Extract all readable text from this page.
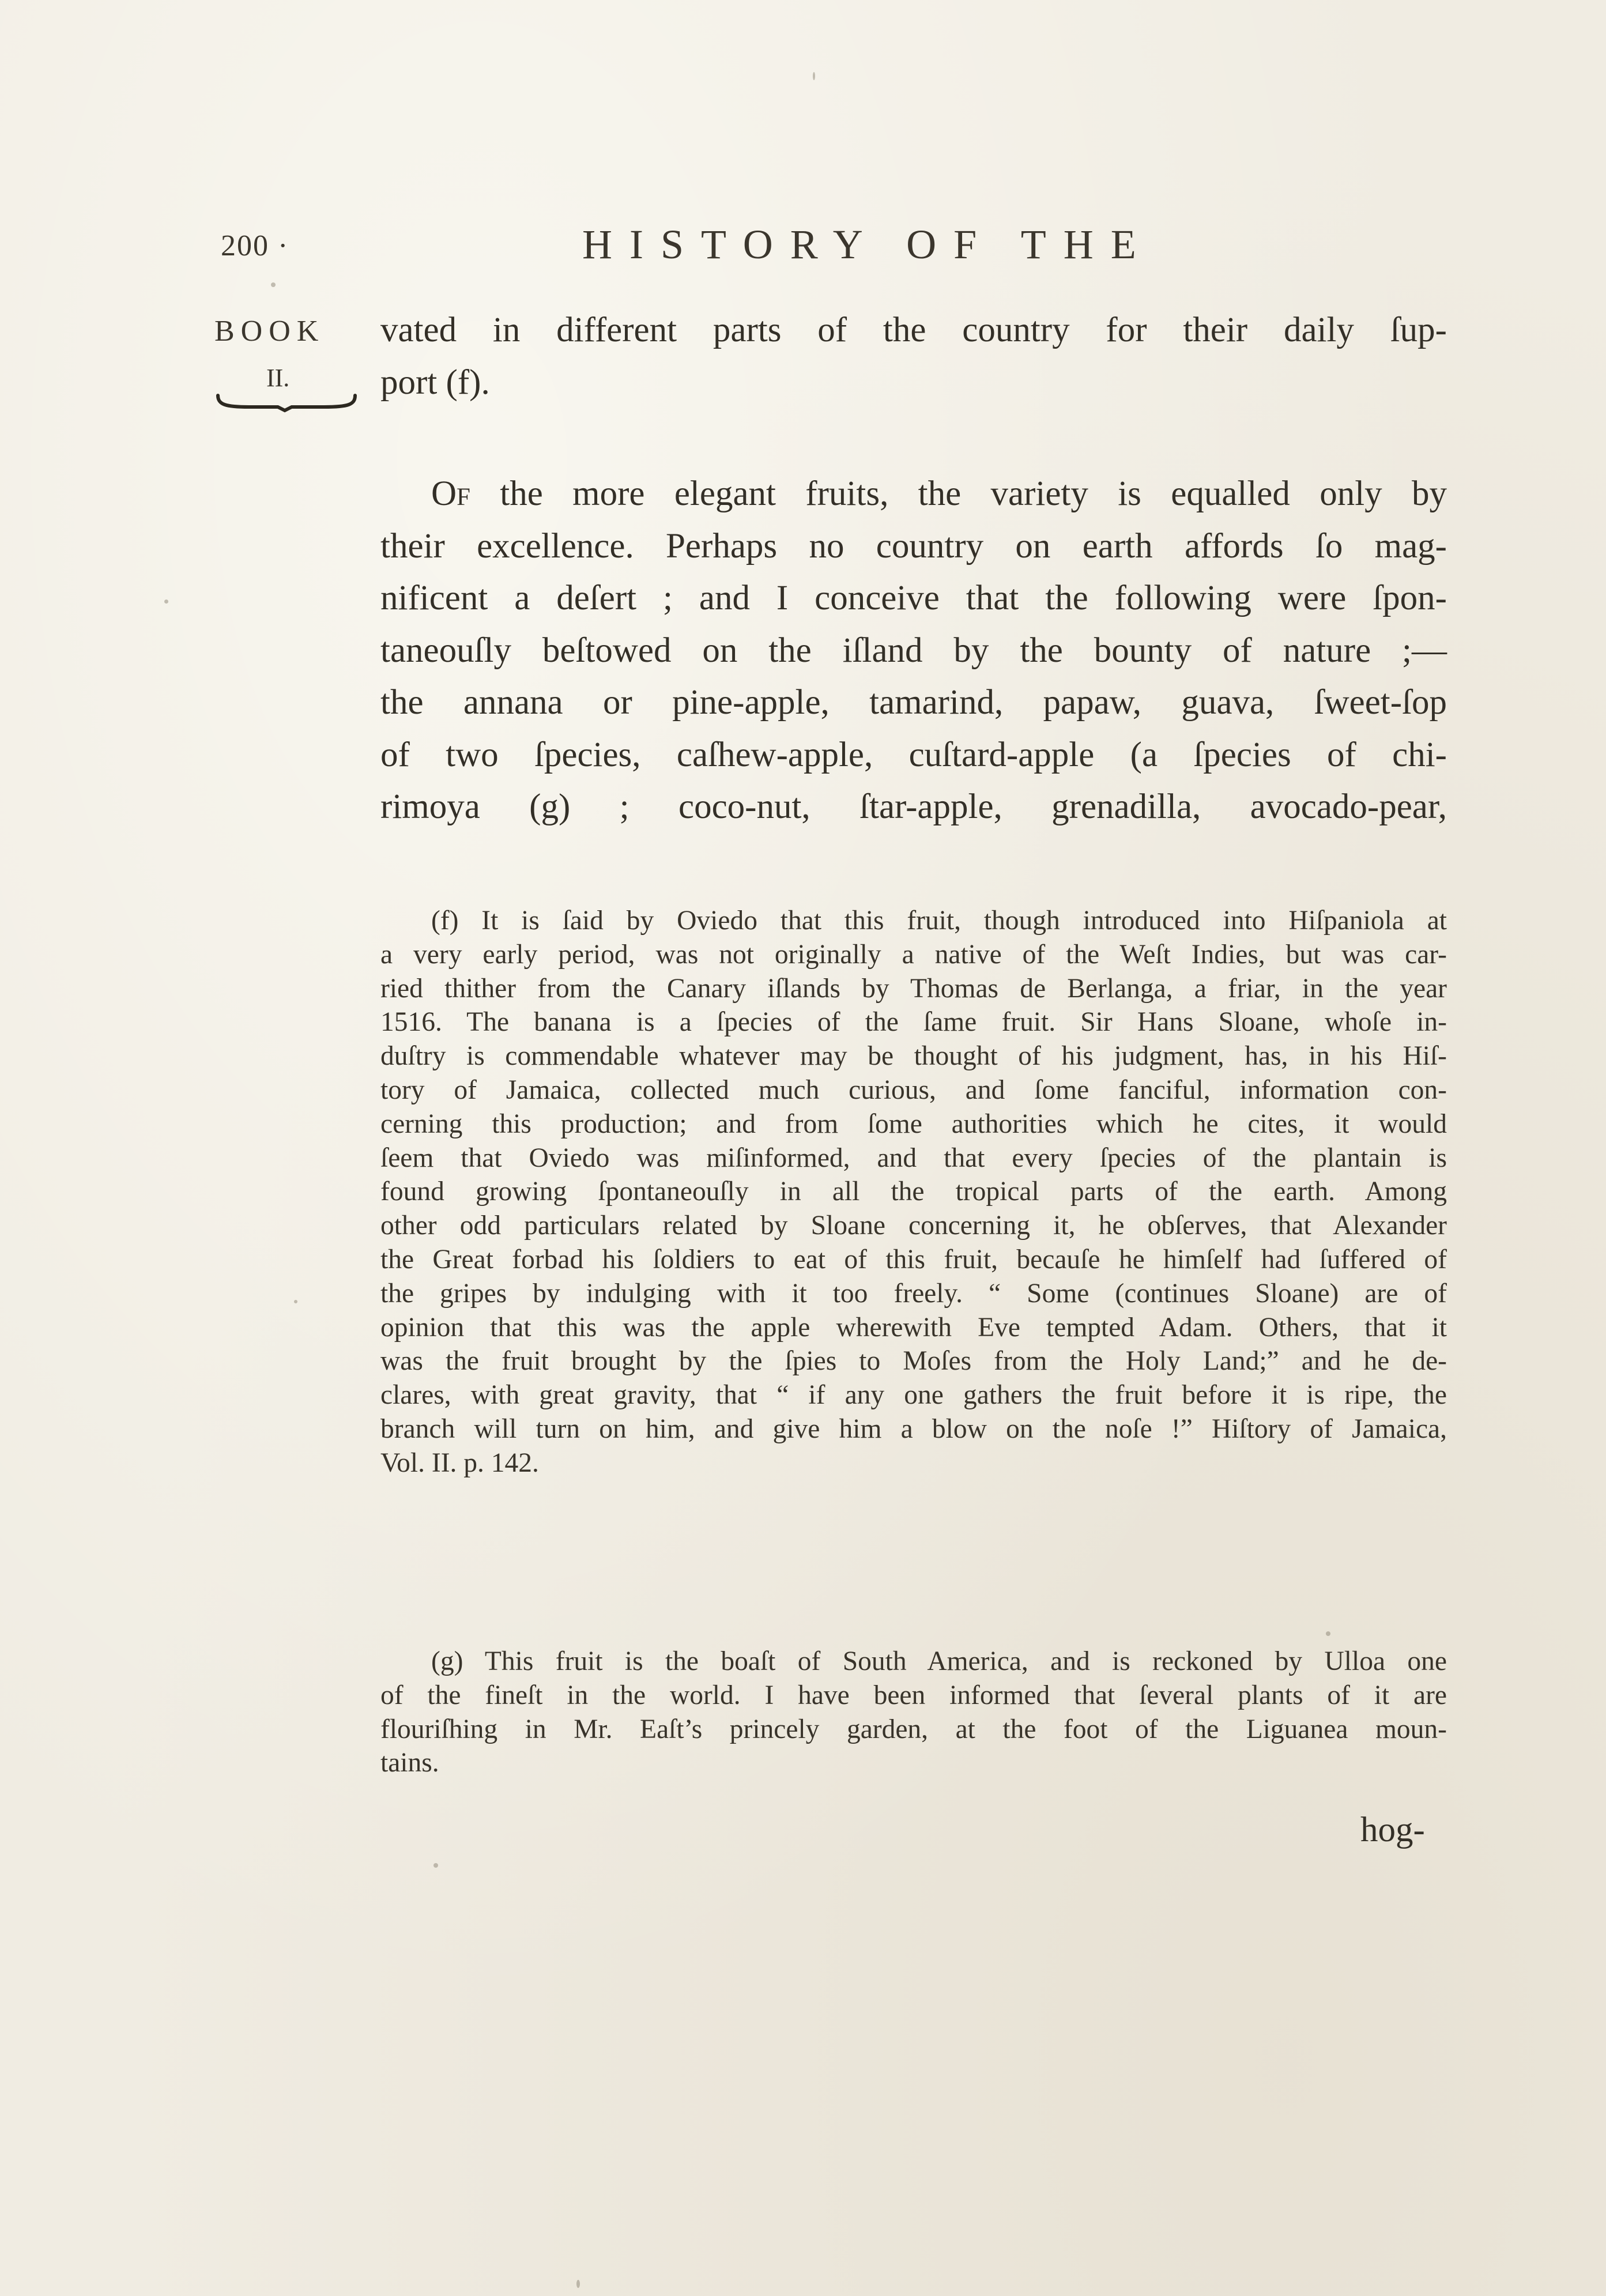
200 ·	HISTORY OF THE
BOOK
II.
vated in different parts of the country for their daily ſup-
port (f).
Of the more elegant fruits, the variety is equalled only by
their excellence. Perhaps no country on earth affords ſo mag-
nificent a deſert ; and I conceive that the following were ſpon-
taneouſly beſtowed on the iſland by the bounty of nature ;—
the annana or pine-apple, tamarind, papaw, guava, ſweet-ſop
of two ſpecies, caſhew-apple, cuſtard-apple (a ſpecies of chi-
rimoya (g) ; coco-nut, ſtar-apple, grenadilla, avocado-pear,
(f) It is ſaid by Oviedo that this fruit, though introduced into Hiſpaniola at
a very early period, was not originally a native of the Weſt Indies, but was car-
ried thither from the Canary iſlands by Thomas de Berlanga, a friar, in the year
1516. The banana is a ſpecies of the ſame fruit. Sir Hans Sloane, whoſe in-
duſtry is commendable whatever may be thought of his judgment, has, in his Hiſ-
tory of Jamaica, collected much curious, and ſome fanciful, information con-
cerning this production; and from ſome authorities which he cites, it would
ſeem that Oviedo was miſinformed, and that every ſpecies of the plantain is
found growing ſpontaneouſly in all the tropical parts of the earth. Among
other odd particulars related by Sloane concerning it, he obſerves, that Alexander
the Great forbad his ſoldiers to eat of this fruit, becauſe he himſelf had ſuffered of
the gripes by indulging with it too freely. “ Some (continues Sloane) are of
opinion that this was the apple wherewith Eve tempted Adam. Others, that it
was the fruit brought by the ſpies to Moſes from the Holy Land;” and he de-
clares, with great gravity, that “ if any one gathers the fruit before it is ripe, the
branch will turn on him, and give him a blow on the noſe !” Hiſtory of Jamaica,
Vol. II. p. 142.
(g) This fruit is the boaſt of South America, and is reckoned by Ulloa one
of the fineſt in the world. I have been informed that ſeveral plants of it are
flouriſhing in Mr. Eaſt’s princely garden, at the foot of the Liguanea moun-
tains.
hog-
